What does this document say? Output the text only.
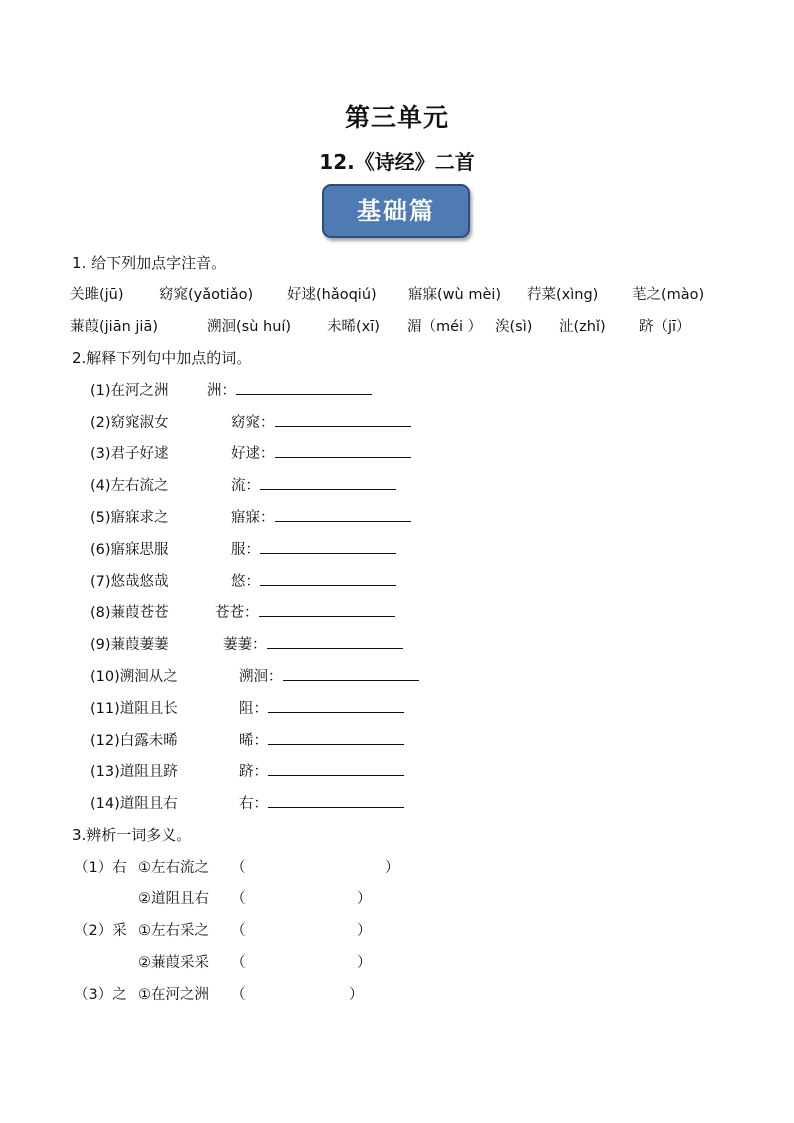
第三单元
12.《诗经》二首
基础篇
1. 给下列加点字注音。
关雎(jū) 窈窕(yǎotiǎo) 好逑(hǎoqiú) 寤寐(wù mèi) 荇菜(xìng) 芼之(mào)
蒹葭(jiān jiā)	溯洄(sù huí) 未晞(xī) 湄（méi ） 涘(sì) 沚(zhǐ) 跻（jī）
2.解释下列句中加点的词。
(1)在河之洲	洲：
(2)窈窕淑女	窈窕：
(3)君子好逑	好逑：
(4)左右流之	流：
(5)寤寐求之	寤寐：
(6)寤寐思服	服：
(7)悠哉悠哉	悠：
(8)蒹葭苍苍	苍苍：
(9)蒹葭萋萋	萋萋：
(10)溯洄从之	溯洄：
(11)道阻且长	阻：
(12)白露未晞	晞：
(13)道阻且跻	跻：
(14)道阻且右	右：
3.辨析一词多义。
（1）右 ①左右流之 （	）
②道阻且右 （	）
（2）采 ①左右采之 （	）
②蒹葭采采 （	）
（3）之 ①在河之洲 （	）
